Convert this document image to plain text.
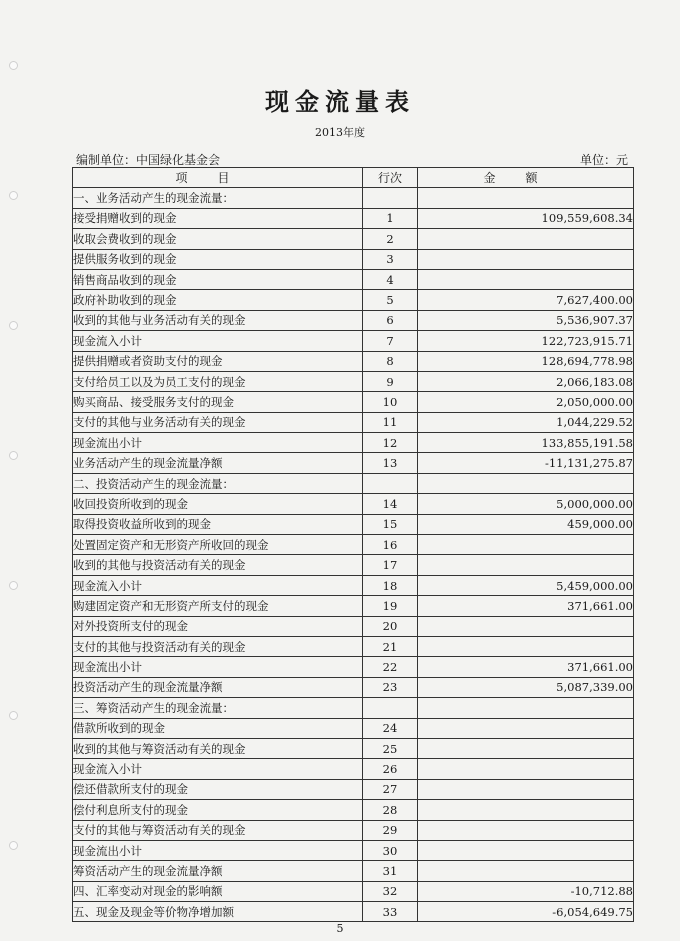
现金流量表
2013年度
编制单位：中国绿化基金会	单位：元
项目	行次	金额
一、业务活动产生的现金流量：		
接受捐赠收到的现金	1	109,559,608.34
收取会费收到的现金	2	
提供服务收到的现金	3	
销售商品收到的现金	4	
政府补助收到的现金	5	7,627,400.00
收到的其他与业务活动有关的现金	6	5,536,907.37
现金流入小计	7	122,723,915.71
提供捐赠或者资助支付的现金	8	128,694,778.98
支付给员工以及为员工支付的现金	9	2,066,183.08
购买商品、接受服务支付的现金	10	2,050,000.00
支付的其他与业务活动有关的现金	11	1,044,229.52
现金流出小计	12	133,855,191.58
业务活动产生的现金流量净额	13	-11,131,275.87
二、投资活动产生的现金流量：		
收回投资所收到的现金	14	5,000,000.00
取得投资收益所收到的现金	15	459,000.00
处置固定资产和无形资产所收回的现金	16	
收到的其他与投资活动有关的现金	17	
现金流入小计	18	5,459,000.00
购建固定资产和无形资产所支付的现金	19	371,661.00
对外投资所支付的现金	20	
支付的其他与投资活动有关的现金	21	
现金流出小计	22	371,661.00
投资活动产生的现金流量净额	23	5,087,339.00
三、筹资活动产生的现金流量：		
借款所收到的现金	24	
收到的其他与筹资活动有关的现金	25	
现金流入小计	26	
偿还借款所支付的现金	27	
偿付利息所支付的现金	28	
支付的其他与筹资活动有关的现金	29	
现金流出小计	30	
筹资活动产生的现金流量净额	31	
四、汇率变动对现金的影响额	32	-10,712.88
五、现金及现金等价物净增加额	33	-6,054,649.75
5
